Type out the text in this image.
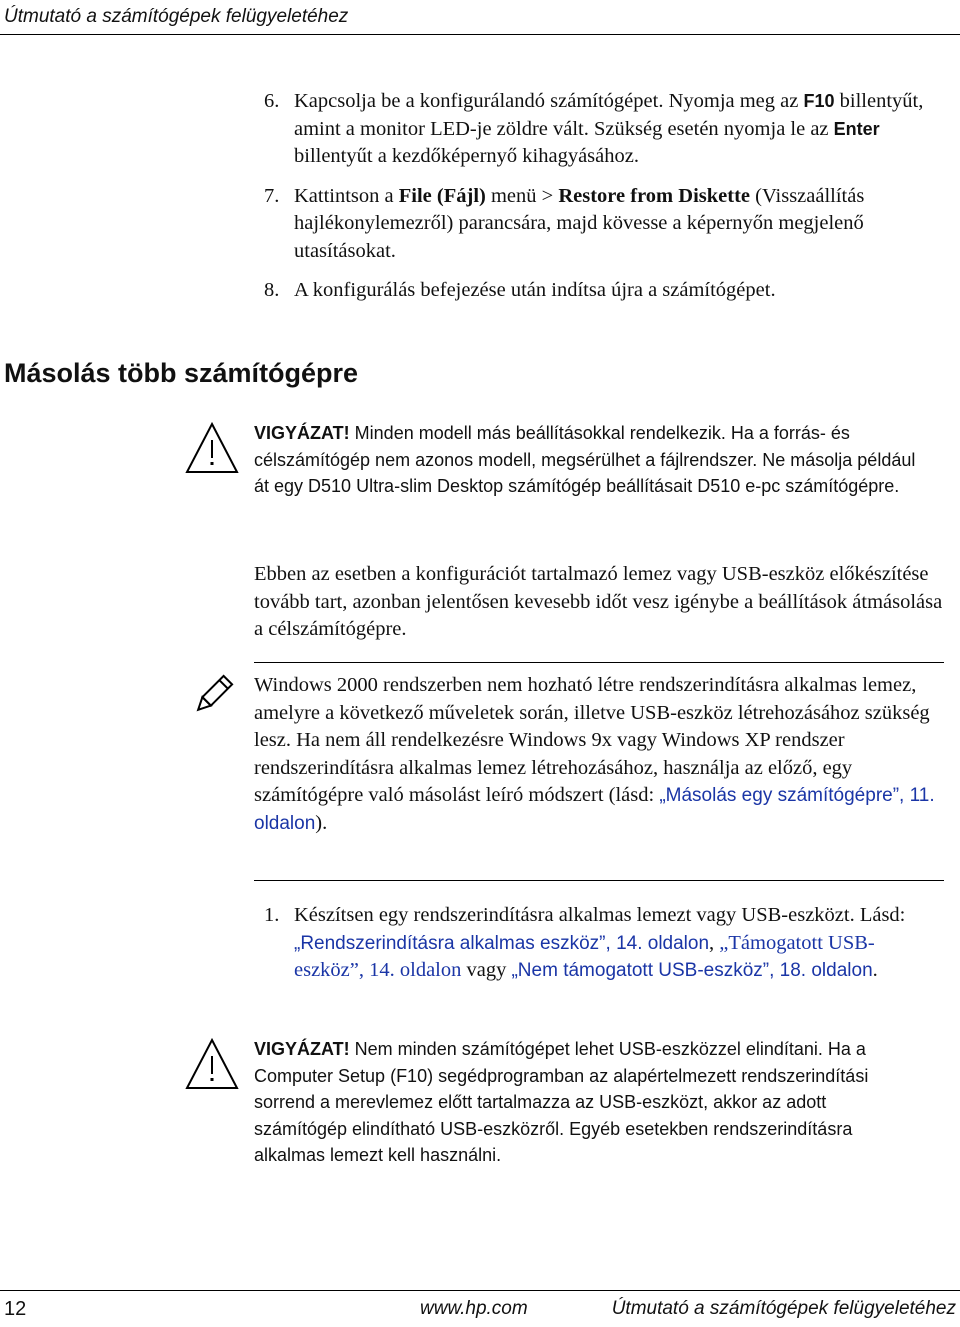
Útmutató a számítógépek felügyeletéhez
6. Kapcsolja be a konfigurálandó számítógépet. Nyomja meg az F10 billentyűt, amint a monitor LED-je zöldre vált. Szükség esetén nyomja le az Enter billentyűt a kezdőképernyő kihagyásához.
7. Kattintson a File (Fájl) menü > Restore from Diskette (Visszaállítás hajlékonylemezről) parancsára, majd kövesse a képernyőn megjelenő utasításokat.
8. A konfigurálás befejezése után indítsa újra a számítógépet.
Másolás több számítógépre
VIGYÁZAT! Minden modell más beállításokkal rendelkezik. Ha a forrás- és célszámítógép nem azonos modell, megsérülhet a fájlrendszer. Ne másolja például át egy D510 Ultra-slim Desktop számítógép beállításait D510 e-pc számítógépre.
Ebben az esetben a konfigurációt tartalmazó lemez vagy USB-eszköz előkészítése tovább tart, azonban jelentősen kevesebb időt vesz igénybe a beállítások átmásolása a célszámítógépre.
Windows 2000 rendszerben nem hozható létre rendszerindításra alkalmas lemez, amelyre a következő műveletek során, illetve USB-eszköz létrehozásához szükség lesz. Ha nem áll rendelkezésre Windows 9x vagy Windows XP rendszer rendszerindításra alkalmas lemez létrehozásához, használja az előző, egy számítógépre való másolást leíró módszert (lásd: „Másolás egy számítógépre”, 11. oldalon).
1. Készítsen egy rendszerindításra alkalmas lemezt vagy USB-eszközt. Lásd: „Rendszerindításra alkalmas eszköz”, 14. oldalon, „Támogatott USB-eszköz”, 14. oldalon vagy „Nem támogatott USB-eszköz”, 18. oldalon.
VIGYÁZAT! Nem minden számítógépet lehet USB-eszközzel elindítani. Ha a Computer Setup (F10) segédprogramban az alapértelmezett rendszerindítási sorrend a merevlemez előtt tartalmazza az USB-eszközt, akkor az adott számítógép elindítható USB-eszközről. Egyéb esetekben rendszerindításra alkalmas lemezt kell használni.
12	www.hp.com	Útmutató a számítógépek felügyeletéhez
